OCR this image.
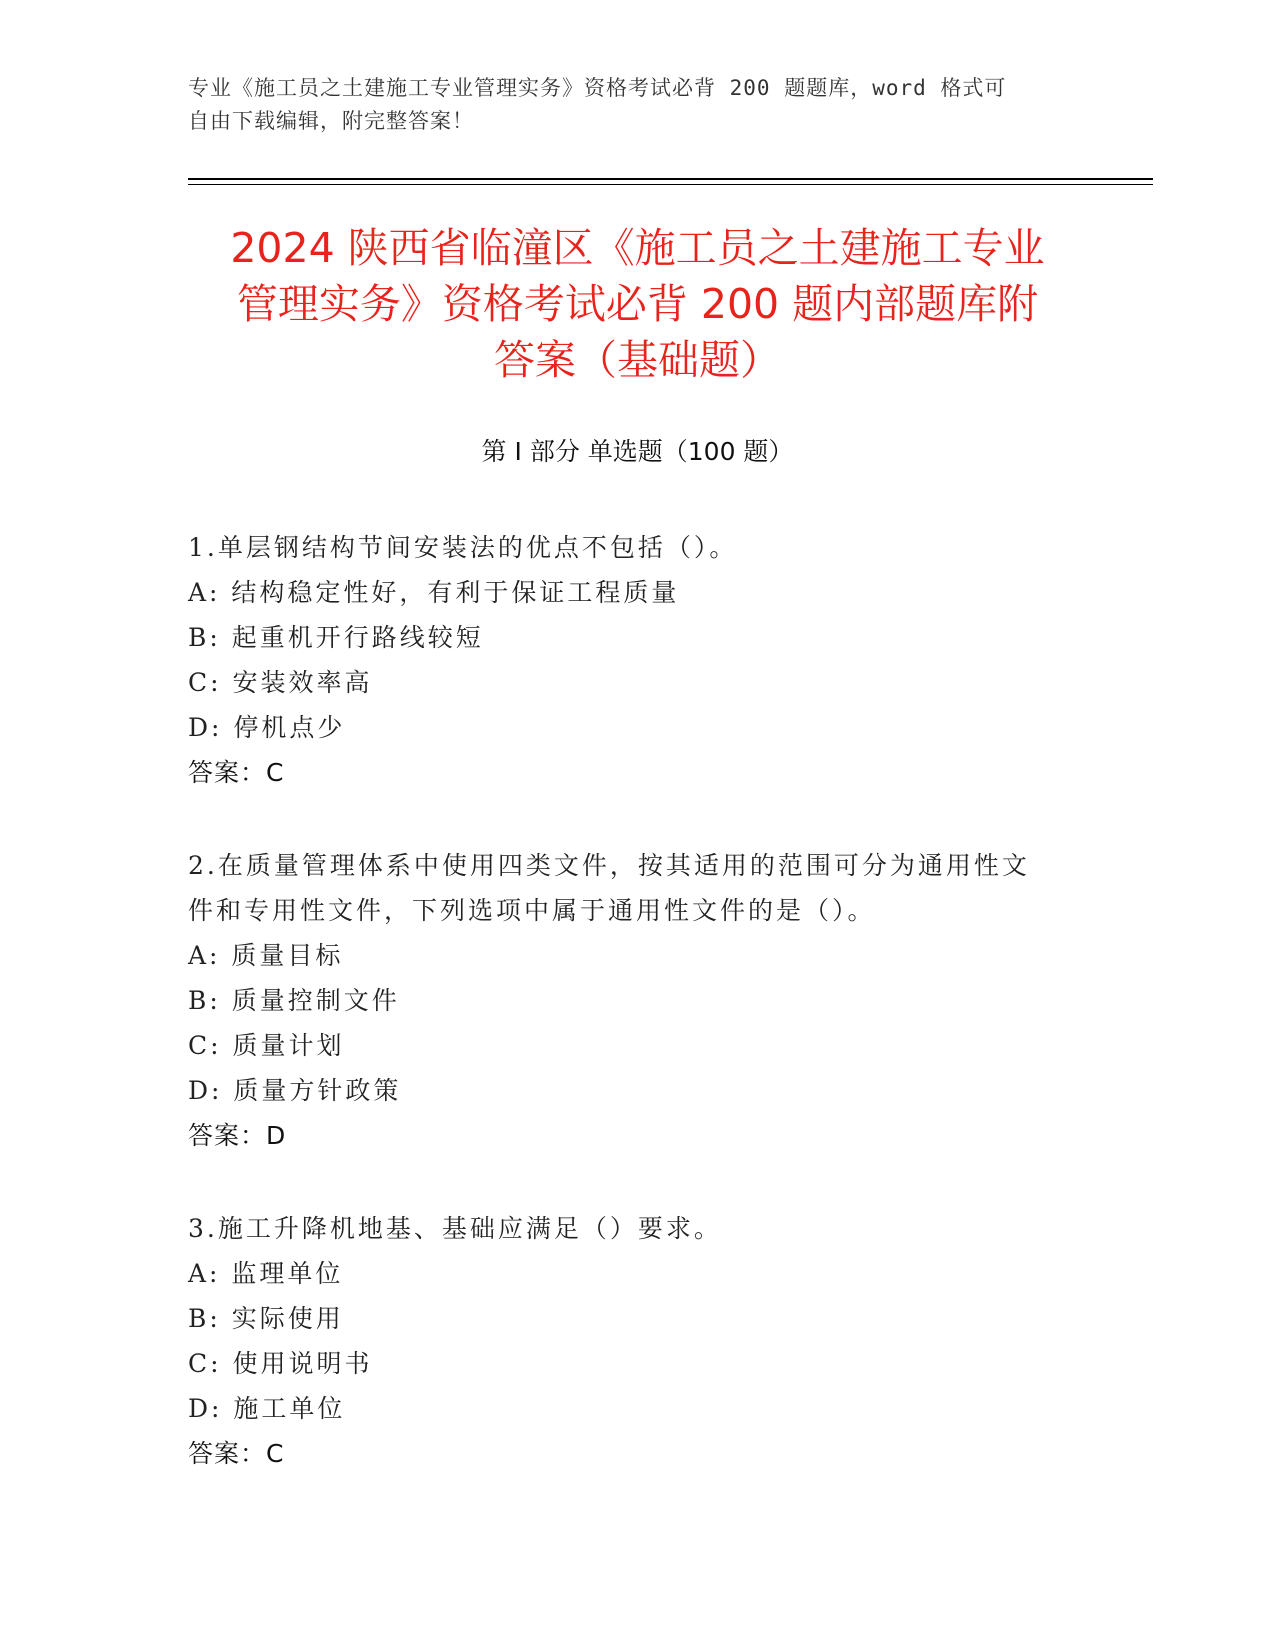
专业《施工员之土建施工专业管理实务》资格考试必背 200 题题库，word 格式可
自由下载编辑，附完整答案！
2024 陕西省临潼区《施工员之土建施工专业
管理实务》资格考试必背 200 题内部题库附
答案（基础题）
第 I 部分 单选题（100 题）

1.单层钢结构节间安装法的优点不包括（）。

A: 结构稳定性好，有利于保证工程质量

B: 起重机开行路线较短

C: 安装效率高

D: 停机点少

答案：C

2.在质量管理体系中使用四类文件，按其适用的范围可分为通用性文

件和专用性文件，下列选项中属于通用性文件的是（）。

A: 质量目标

B: 质量控制文件

C: 质量计划

D: 质量方针政策

答案：D

3.施工升降机地基、基础应满足（）要求。

A: 监理单位

B: 实际使用

C: 使用说明书

D: 施工单位

答案：C
